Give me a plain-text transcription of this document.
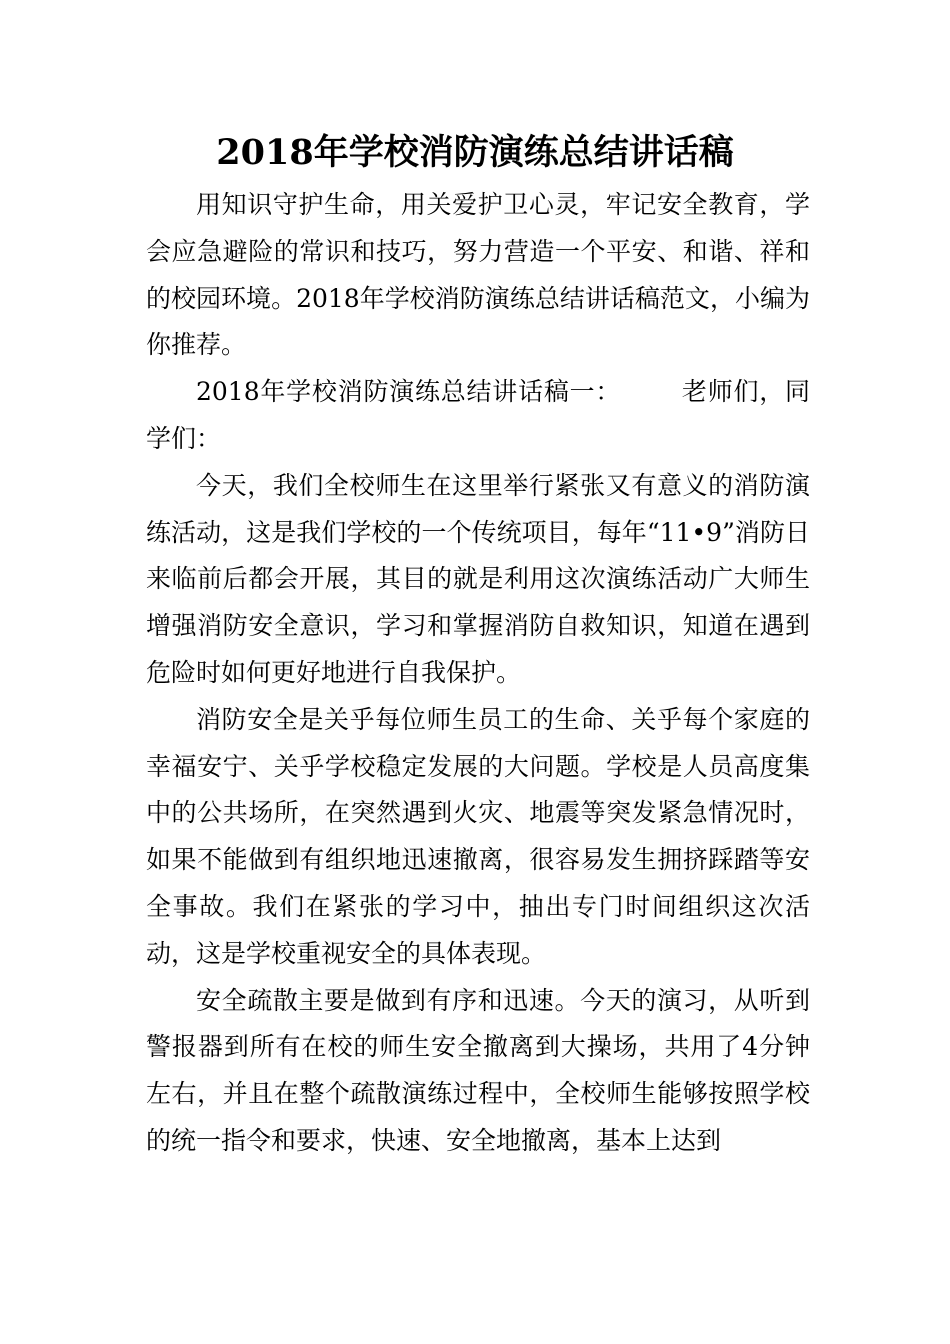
2018年学校消防演练总结讲话稿

用知识守护生命，用关爱护卫心灵，牢记安全教育，学会应急避险的常识和技巧，努力营造一个平安、和谐、祥和的校园环境。2018年学校消防演练总结讲话稿范文，小编为你推荐。

2018年学校消防演练总结讲话稿一： 老师们，同学们：

今天，我们全校师生在这里举行紧张又有意义的消防演练活动，这是我们学校的一个传统项目，每年“11•9”消防日来临前后都会开展，其目的就是利用这次演练活动广大师生增强消防安全意识，学习和掌握消防自救知识，知道在遇到危险时如何更好地进行自我保护。

消防安全是关乎每位师生员工的生命、关乎每个家庭的幸福安宁、关乎学校稳定发展的大问题。学校是人员高度集中的公共场所，在突然遇到火灾、地震等突发紧急情况时，如果不能做到有组织地迅速撤离，很容易发生拥挤踩踏等安全事故。我们在紧张的学习中，抽出专门时间组织这次活动，这是学校重视安全的具体表现。

安全疏散主要是做到有序和迅速。今天的演习，从听到警报器到所有在校的师生安全撤离到大操场，共用了4分钟左右，并且在整个疏散演练过程中，全校师生能够按照学校的统一指令和要求，快速、安全地撤离，基本上达到
